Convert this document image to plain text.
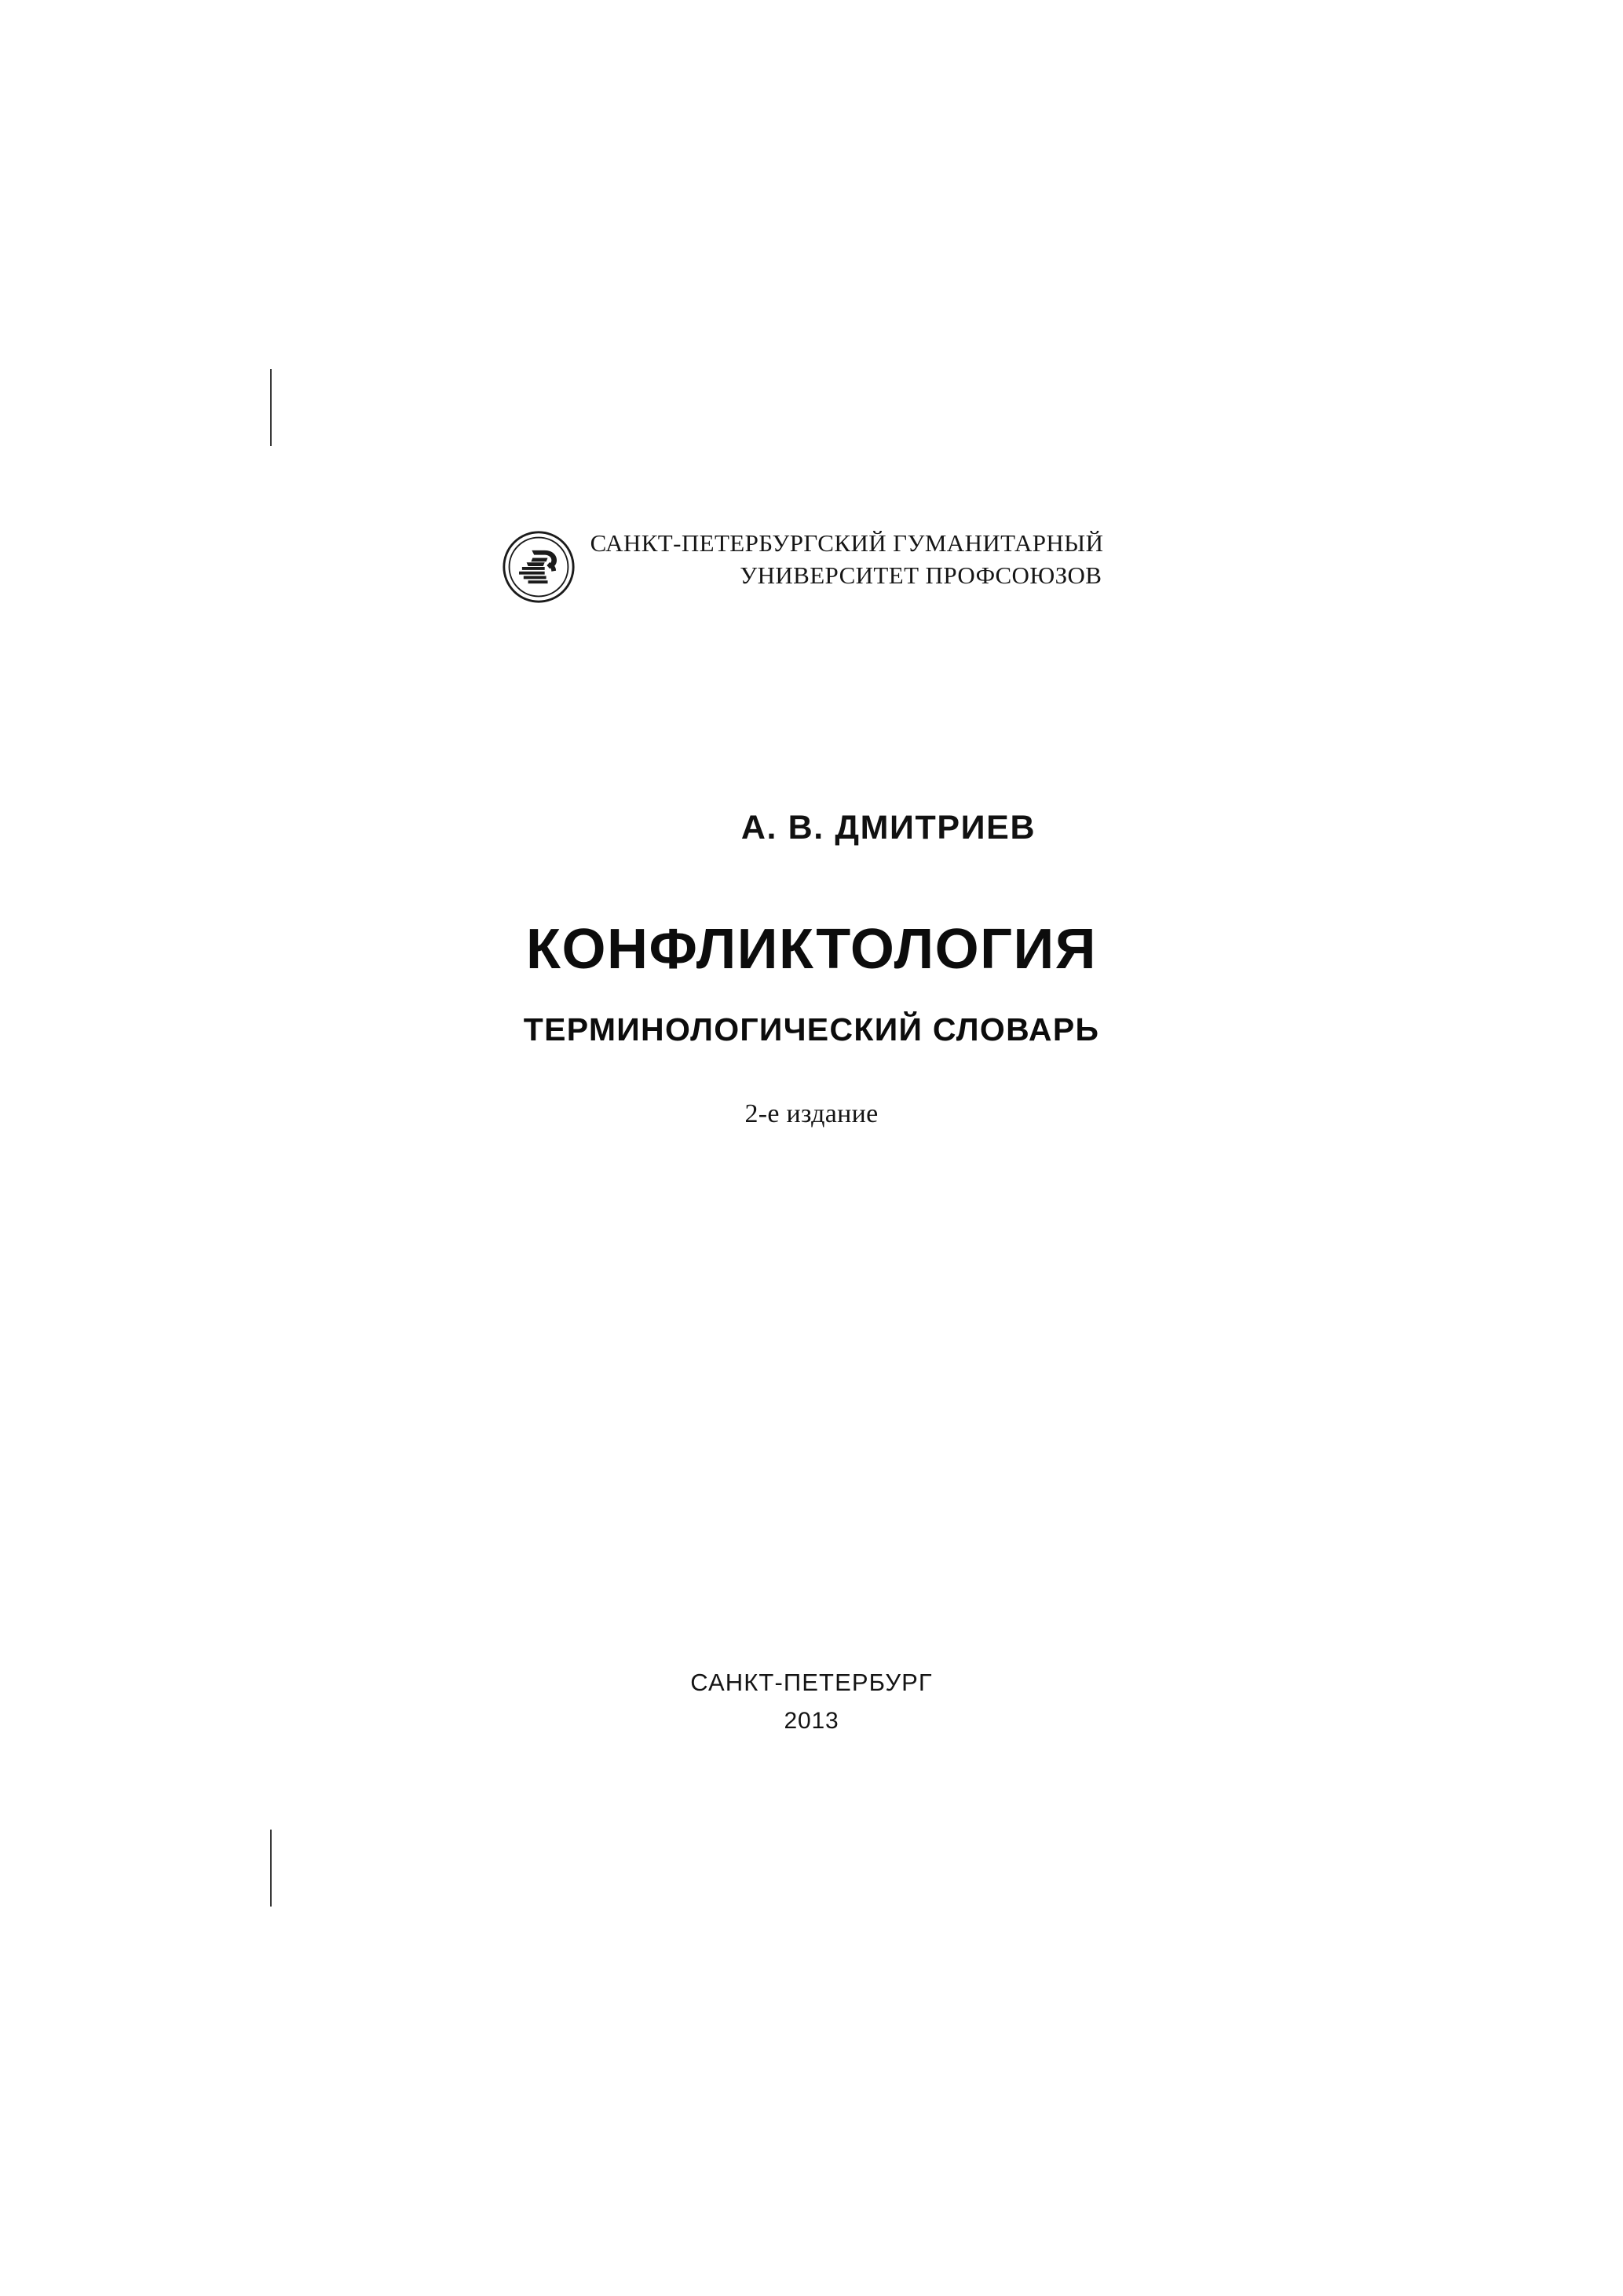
САНКТ-ПЕТЕРБУРГСКИЙ ГУМАНИТАРНЫЙ
УНИВЕРСИТЕТ ПРОФСОЮЗОВ
А. В. ДМИТРИЕВ
КОНФЛИКТОЛОГИЯ
ТЕРМИНОЛОГИЧЕСКИЙ СЛОВАРЬ
2-е издание
САНКТ-ПЕТЕРБУРГ
2013
